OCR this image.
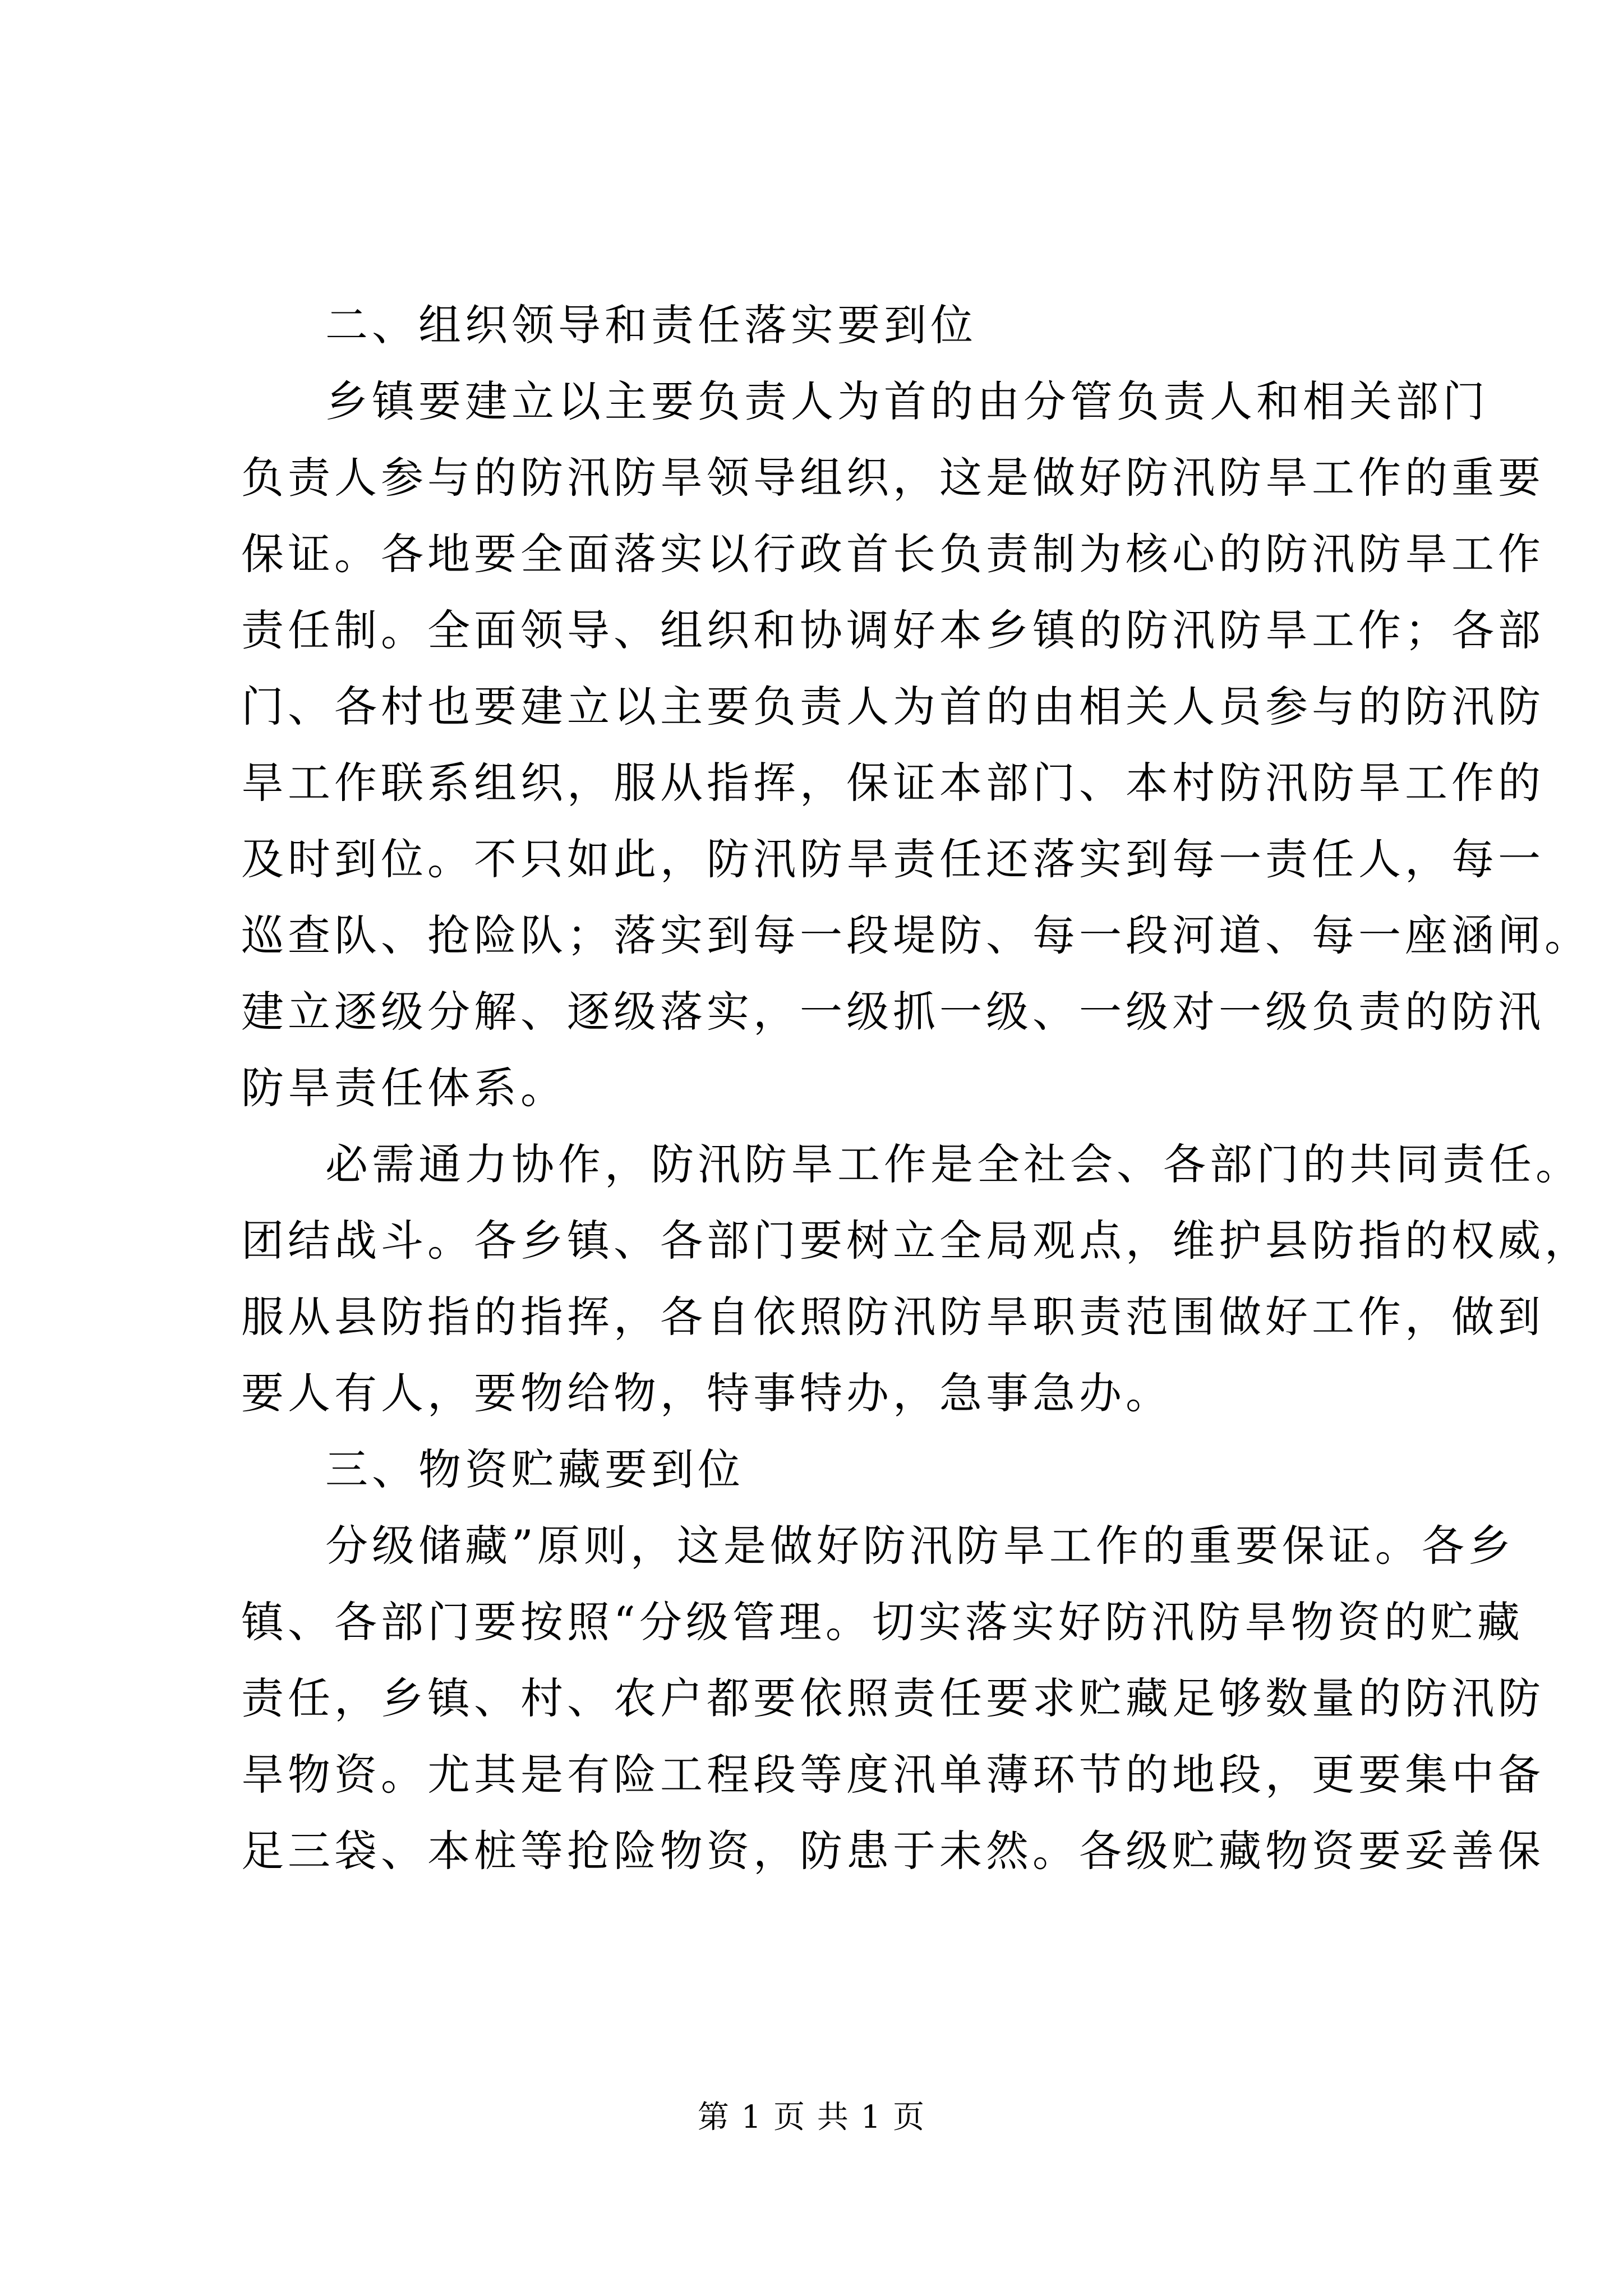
二、组织领导和责任落实要到位
乡镇要建立以主要负责人为首的由分管负责人和相关部门
负责人参与的防汛防旱领导组织，这是做好防汛防旱工作的重要
保证。各地要全面落实以行政首长负责制为核心的防汛防旱工作
责任制。全面领导、组织和协调好本乡镇的防汛防旱工作；各部
门、各村也要建立以主要负责人为首的由相关人员参与的防汛防
旱工作联系组织，服从指挥，保证本部门、本村防汛防旱工作的
及时到位。不只如此，防汛防旱责任还落实到每一责任人，每一
巡查队、抢险队；落实到每一段堤防、每一段河道、每一座涵闸。
建立逐级分解、逐级落实，一级抓一级、一级对一级负责的防汛
防旱责任体系。
必需通力协作，防汛防旱工作是全社会、各部门的共同责任。
团结战斗。各乡镇、各部门要树立全局观点，维护县防指的权威，
服从县防指的指挥，各自依照防汛防旱职责范围做好工作，做到
要人有人，要物给物，特事特办，急事急办。
三、物资贮藏要到位
分级储藏”原则，这是做好防汛防旱工作的重要保证。各乡
镇、各部门要按照“分级管理。切实落实好防汛防旱物资的贮藏
责任，乡镇、村、农户都要依照责任要求贮藏足够数量的防汛防
旱物资。尤其是有险工程段等度汛单薄环节的地段，更要集中备
足三袋、本桩等抢险物资，防患于未然。各级贮藏物资要妥善保
第 1 页 共 1 页
